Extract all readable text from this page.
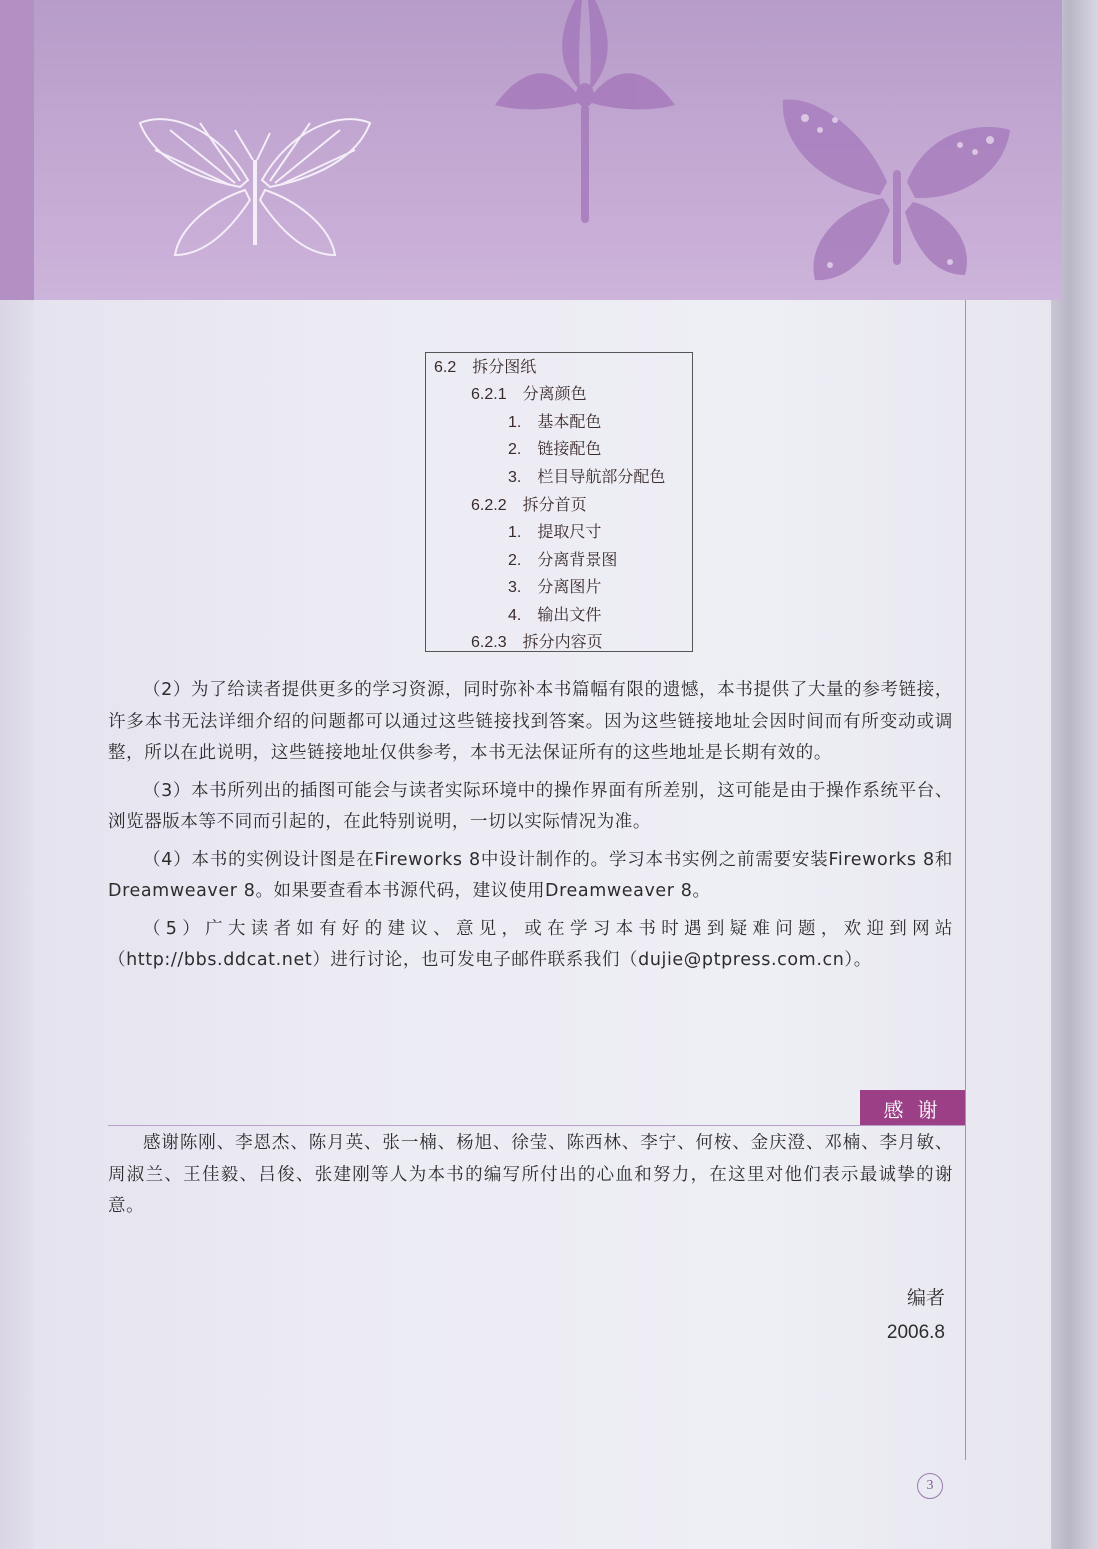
6.2　拆分图纸
6.2.1　分离颜色
1.　基本配色
2.　链接配色
3.　栏目导航部分配色
6.2.2　拆分首页
1.　提取尺寸
2.　分离背景图
3.　分离图片
4.　输出文件
6.2.3　拆分内容页

（2）为了给读者提供更多的学习资源，同时弥补本书篇幅有限的遗憾，本书提供了大量的参考链接，许多本书无法详细介绍的问题都可以通过这些链接找到答案。因为这些链接地址会因时间而有所变动或调整，所以在此说明，这些链接地址仅供参考，本书无法保证所有的这些地址是长期有效的。

（3）本书所列出的插图可能会与读者实际环境中的操作界面有所差别，这可能是由于操作系统平台、浏览器版本等不同而引起的，在此特别说明，一切以实际情况为准。

（4）本书的实例设计图是在Fireworks 8中设计制作的。学习本书实例之前需要安装Fireworks 8和Dreamweaver 8。如果要查看本书源代码，建议使用Dreamweaver 8。

（5）广大读者如有好的建议、意见，或在学习本书时遇到疑难问题，欢迎到网站（http://bbs.ddcat.net）进行讨论，也可发电子邮件联系我们（dujie@ptpress.com.cn）。

感谢

感谢陈刚、李恩杰、陈月英、张一楠、杨旭、徐莹、陈西林、李宁、何桉、金庆澄、邓楠、李月敏、周淑兰、王佳毅、吕俊、张建刚等人为本书的编写所付出的心血和努力，在这里对他们表示最诚挚的谢意。

编者
2006.8
3
